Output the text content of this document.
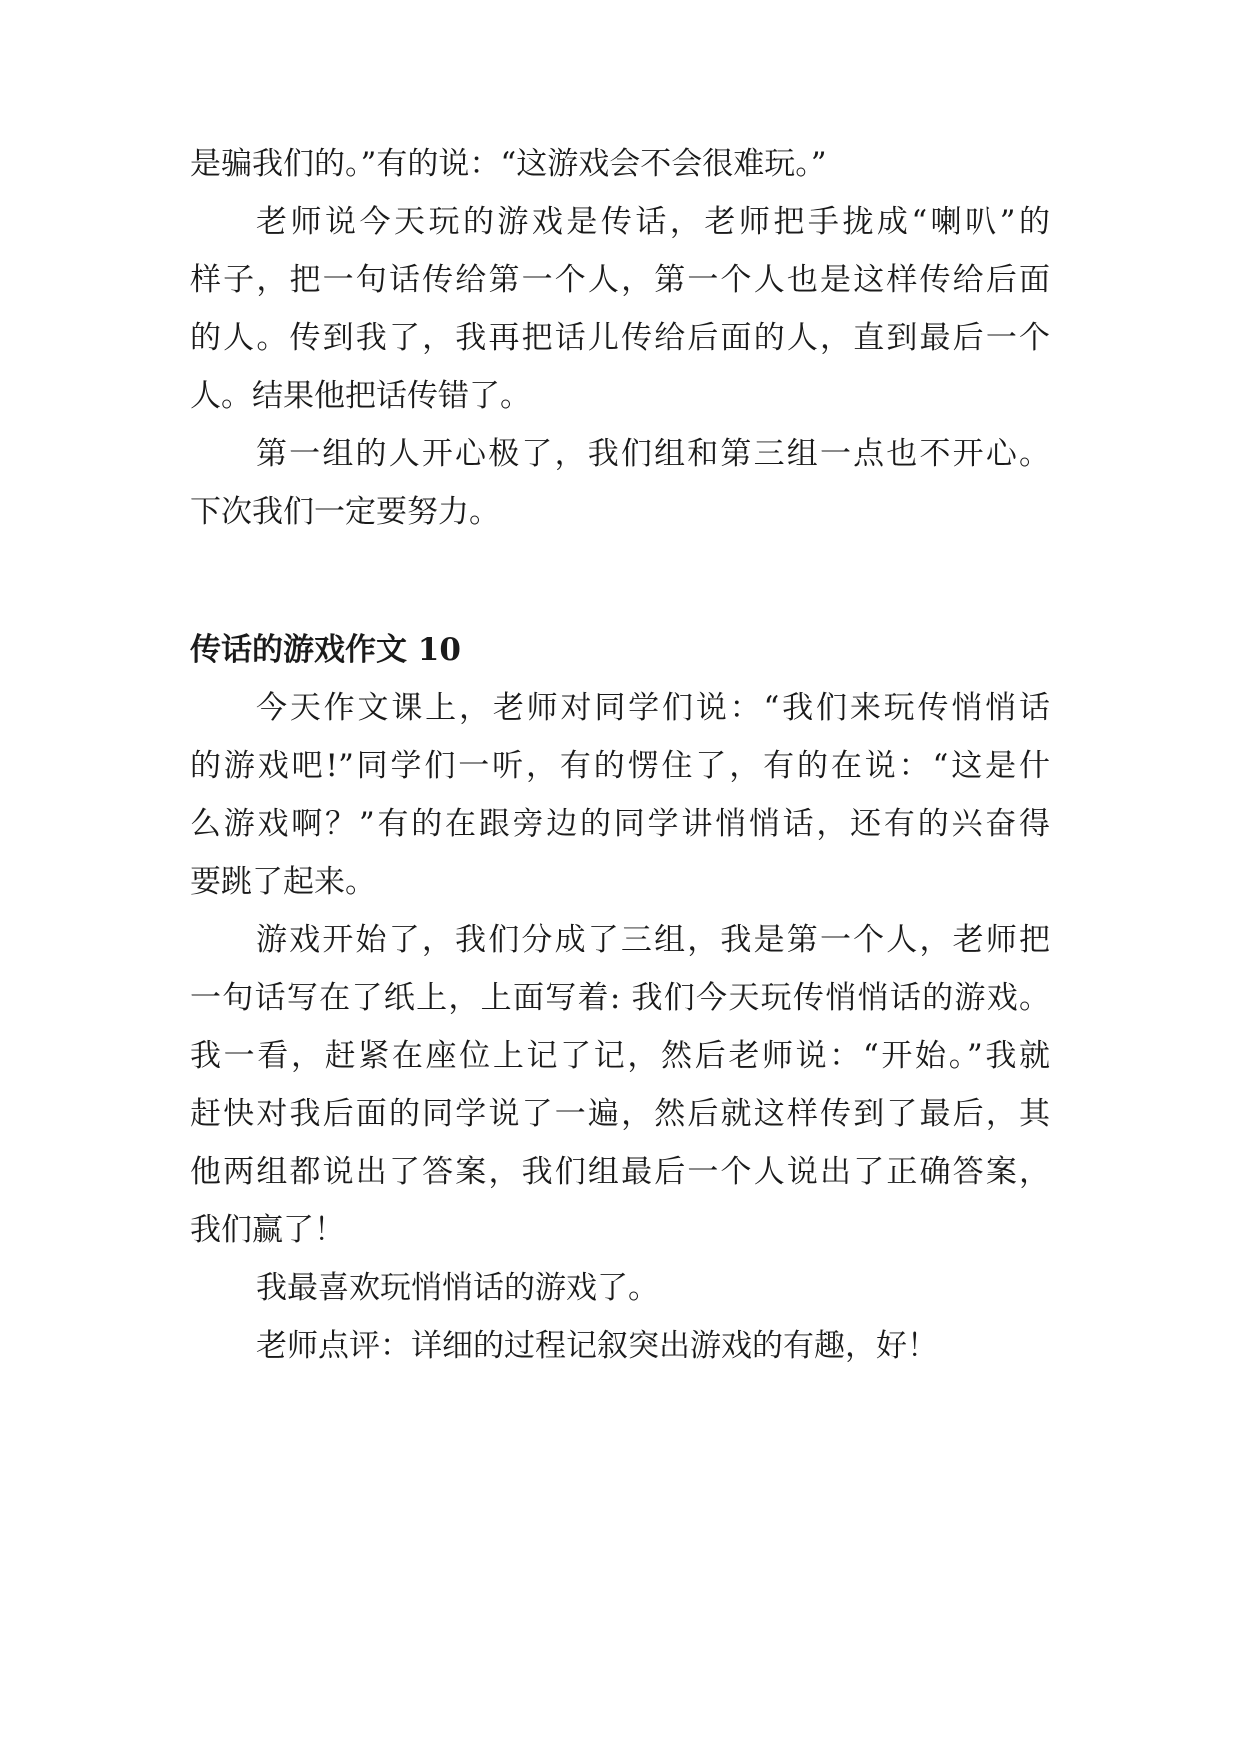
是骗我们的。”有的说：“这游戏会不会很难玩。”

老师说今天玩的游戏是传话，老师把手拢成“喇叭”的
样子，把一句话传给第一个人，第一个人也是这样传给后面
的人。传到我了，我再把话儿传给后面的人，直到最后一个
人。结果他把话传错了。

第一组的人开心极了，我们组和第三组一点也不开心。
下次我们一定要努力。

传话的游戏作文 10

今天作文课上，老师对同学们说：“我们来玩传悄悄话
的游戏吧!”同学们一听，有的愣住了，有的在说：“这是什
么游戏啊？”有的在跟旁边的同学讲悄悄话，还有的兴奋得
要跳了起来。

游戏开始了，我们分成了三组，我是第一个人，老师把
一句话写在了纸上，上面写着: 我们今天玩传悄悄话的游戏。
我一看，赶紧在座位上记了记，然后老师说：“开始。”我就
赶快对我后面的同学说了一遍，然后就这样传到了最后，其
他两组都说出了答案，我们组最后一个人说出了正确答案，
我们赢了！

我最喜欢玩悄悄话的游戏了。

老师点评：详细的过程记叙突出游戏的有趣，好！
